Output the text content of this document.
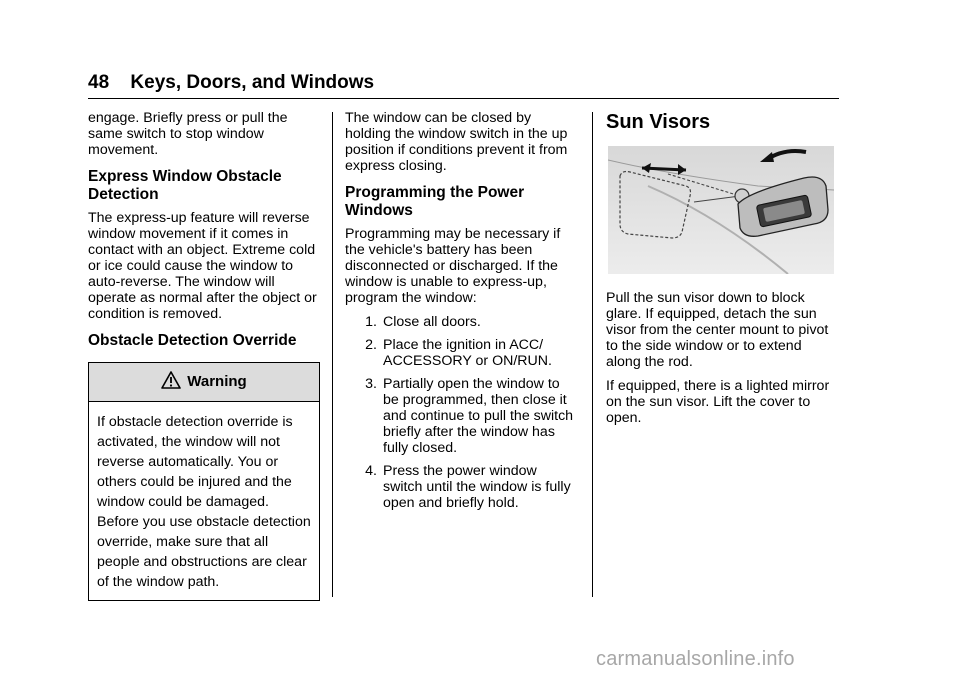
48 Keys, Doors, and Windows

engage. Briefly press or pull the same switch to stop window movement.

Express Window Obstacle Detection

The express-up feature will reverse window movement if it comes in contact with an object. Extreme cold or ice could cause the window to auto-reverse. The window will operate as normal after the object or condition is removed.

Obstacle Detection Override
Warning
If obstacle detection override is activated, the window will not reverse automatically. You or others could be injured and the window could be damaged. Before you use obstacle detection override, make sure that all people and obstructions are clear of the window path.

The window can be closed by holding the window switch in the up position if conditions prevent it from express closing.

Programming the Power Windows

Programming may be necessary if the vehicle's battery has been disconnected or discharged. If the window is unable to express-up, program the window:

1. Close all doors.
2. Place the ignition in ACC/ ACCESSORY or ON/RUN.
3. Partially open the window to be programmed, then close it and continue to pull the switch briefly after the window has fully closed.
4. Press the power window switch until the window is fully open and briefly hold.
Sun Visors

Pull the sun visor down to block glare. If equipped, detach the sun visor from the center mount to pivot to the side window or to extend along the rod.

If equipped, there is a lighted mirror on the sun visor. Lift the cover to open.

carmanualsonline.info
